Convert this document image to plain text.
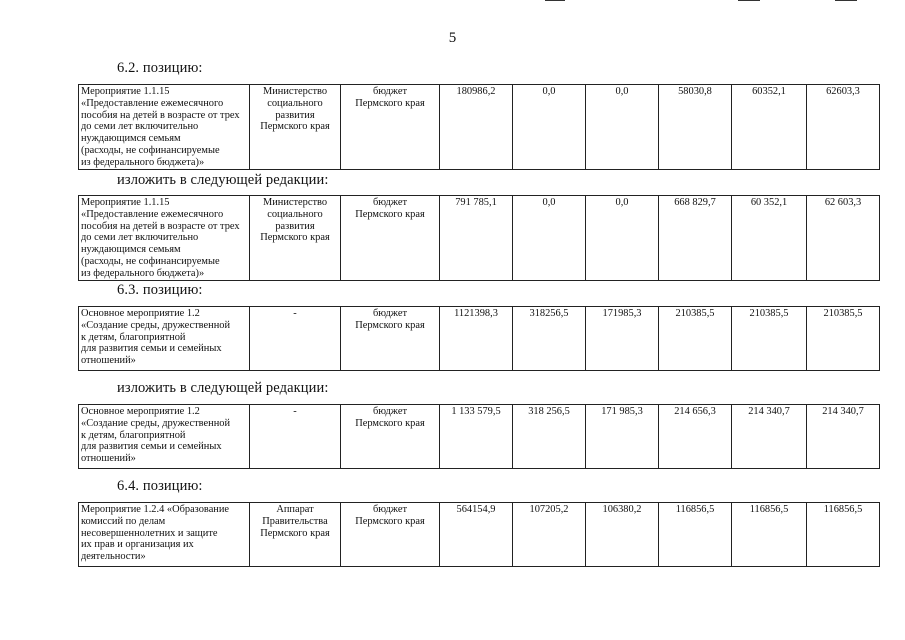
5
6.2. позицию:
Мероприятие 1.1.15
«Предоставление ежемесячного
пособия на детей в возрасте от трех
до семи лет включительно нуждающимся семьям
(расходы, не софинансируемые
из федерального бюджета)»	Министерство
социального
развития
Пермского края	бюджет
Пермского края	180986,2	0,0	0,0	58030,8	60352,1	62603,3
изложить в следующей редакции:
Мероприятие 1.1.15
«Предоставление ежемесячного
пособия на детей в возрасте от трех
до семи лет включительно нуждающимся семьям
(расходы, не софинансируемые
из федерального бюджета)»	Министерство
социального
развития
Пермского края	бюджет
Пермского края	791 785,1	0,0	0,0	668 829,7	60 352,1	62 603,3
6.3. позицию:
Основное мероприятие 1.2
«Создание среды, дружественной
к детям, благоприятной
для развития семьи и семейных
отношений»	-	бюджет
Пермского края	1121398,3	318256,5	171985,3	210385,5	210385,5	210385,5
изложить в следующей редакции:
Основное мероприятие 1.2
«Создание среды, дружественной
к детям, благоприятной
для развития семьи и семейных
отношений»	-	бюджет
Пермского края	1 133 579,5	318 256,5	171 985,3	214 656,3	214 340,7	214 340,7
6.4. позицию:
Мероприятие 1.2.4 «Образование
комиссий по делам
несовершеннолетних и защите
их прав и организация их
деятельности»	Аппарат
Правительства
Пермского края	бюджет
Пермского края	564154,9	107205,2	106380,2	116856,5	116856,5	116856,5
